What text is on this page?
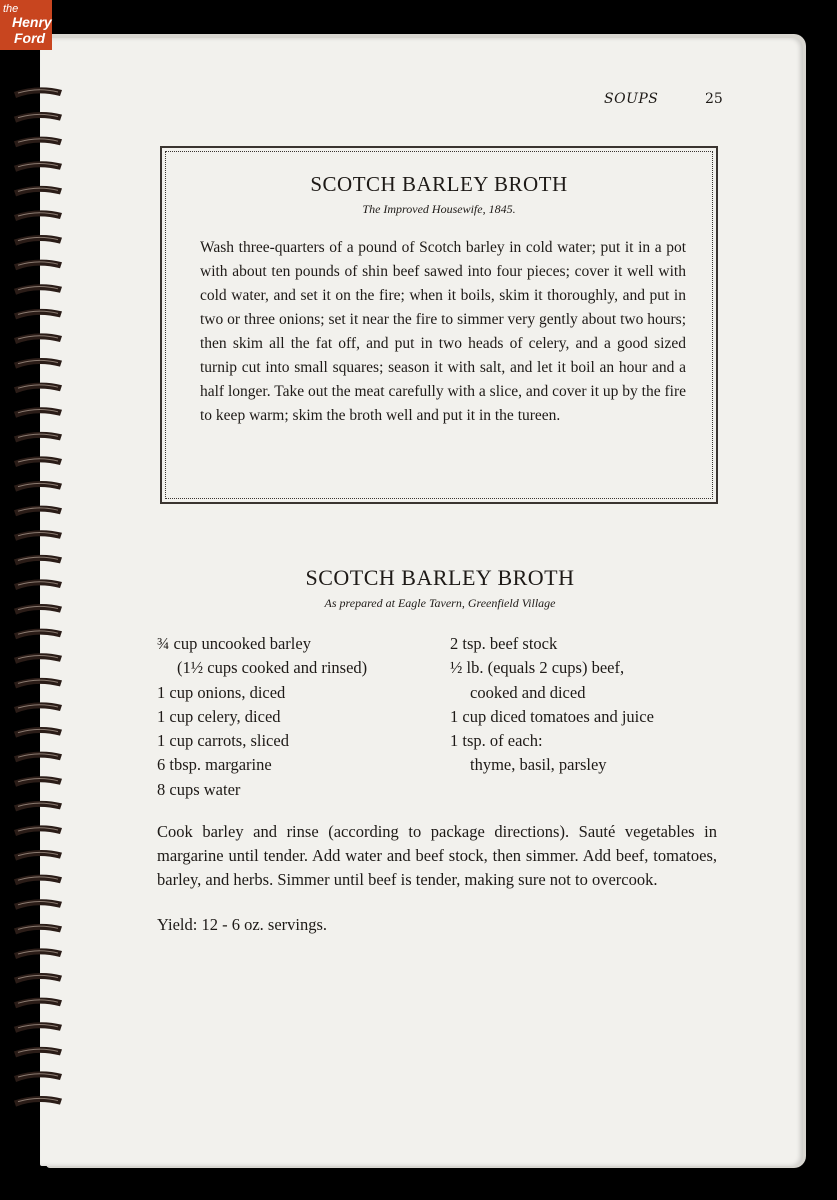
the
Henry
Ford
SOUPS	25
SCOTCH BARLEY BROTH
The Improved Housewife, 1845.
Wash three-quarters of a pound of Scotch barley in cold water; put it in a pot with about ten pounds of shin beef sawed into four pieces; cover it well with cold water, and set it on the fire; when it boils, skim it thoroughly, and put in two or three onions; set it near the fire to simmer very gently about two hours; then skim all the fat off, and put in two heads of celery, and a good sized turnip cut into small squares; season it with salt, and let it boil an hour and a half longer. Take out the meat carefully with a slice, and cover it up by the fire to keep warm; skim the broth well and put it in the tureen.
SCOTCH BARLEY BROTH
As prepared at Eagle Tavern, Greenfield Village
¾ cup uncooked barley
(1½ cups cooked and rinsed)
1 cup onions, diced
1 cup celery, diced
1 cup carrots, sliced
6 tbsp. margarine
8 cups water
2 tsp. beef stock
½ lb. (equals 2 cups) beef,
cooked and diced
1 cup diced tomatoes and juice
1 tsp. of each:
thyme, basil, parsley
Cook barley and rinse (according to package directions). Sauté vegetables in margarine until tender. Add water and beef stock, then simmer. Add beef, tomatoes, barley, and herbs. Simmer until beef is tender, making sure not to overcook.
Yield: 12 - 6 oz. servings.
